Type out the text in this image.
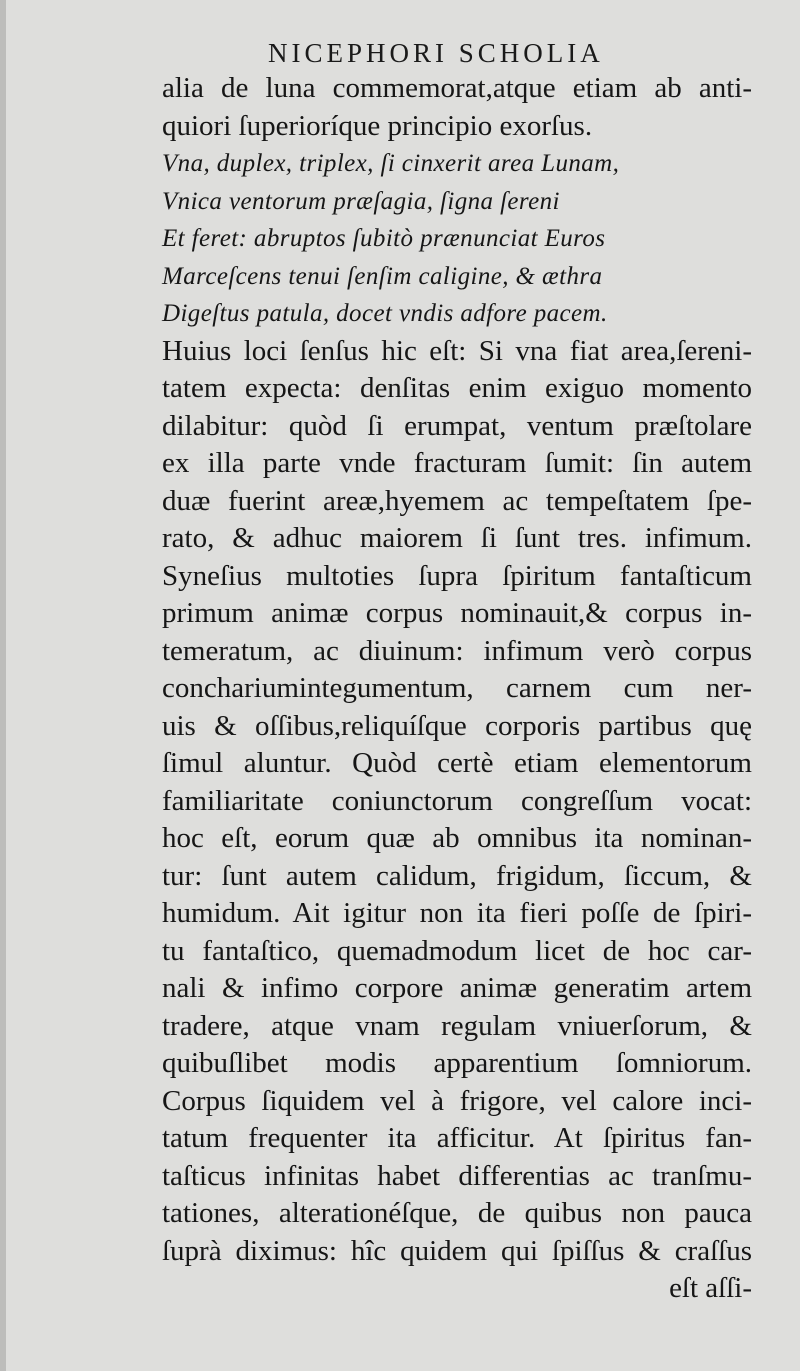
NICEPHORI SCHOLIA
alia de luna commemorat,atque etiam ab anti-
quiori ſuperioríque principio exorſus.
Vna, duplex, triplex, ſi cinxerit area Lunam,
Vnica ventorum præſagia, ſigna ſereni
Et feret: abruptos ſubitò prænunciat Euros
Marceſcens tenui ſenſim caligine, & æthra
Digeſtus patula, docet vndis adfore pacem.
Huius loci ſenſus hic eſt: Si vna fiat area,ſereni-
tatem expecta: denſitas enim exiguo momento
dilabitur: quòd ſi erumpat, ventum præſtolare
ex illa parte vnde fracturam ſumit: ſin autem
duæ fuerint areæ,hyemem ac tempeſtatem ſpe-
rato, & adhuc maiorem ſi ſunt tres. infimum.
Syneſius multoties ſupra ſpiritum fantaſticum
primum animæ corpus nominauit,& corpus in-
temeratum, ac diuinum: infimum verò corpus
conchariumintegumentum, carnem cum ner-
uis & oſſibus,reliquíſque corporis partibus quę
ſimul aluntur. Quòd certè etiam elementorum
familiaritate coniunctorum congreſſum vocat:
hoc eſt, eorum quæ ab omnibus ita nominan-
tur: ſunt autem calidum, frigidum, ſiccum, &
humidum. Ait igitur non ita fieri poſſe de ſpiri-
tu fantaſtico, quemadmodum licet de hoc car-
nali & infimo corpore animæ generatim artem
tradere, atque vnam regulam vniuerſorum, &
quibuſlibet modis apparentium ſomniorum.
Corpus ſiquidem vel à frigore, vel calore inci-
tatum frequenter ita afficitur. At ſpiritus fan-
taſticus infinitas habet differentias ac tranſmu-
tationes, alterationéſque, de quibus non pauca
ſuprà diximus: hîc quidem qui ſpiſſus & craſſus
eſt aſſi-
